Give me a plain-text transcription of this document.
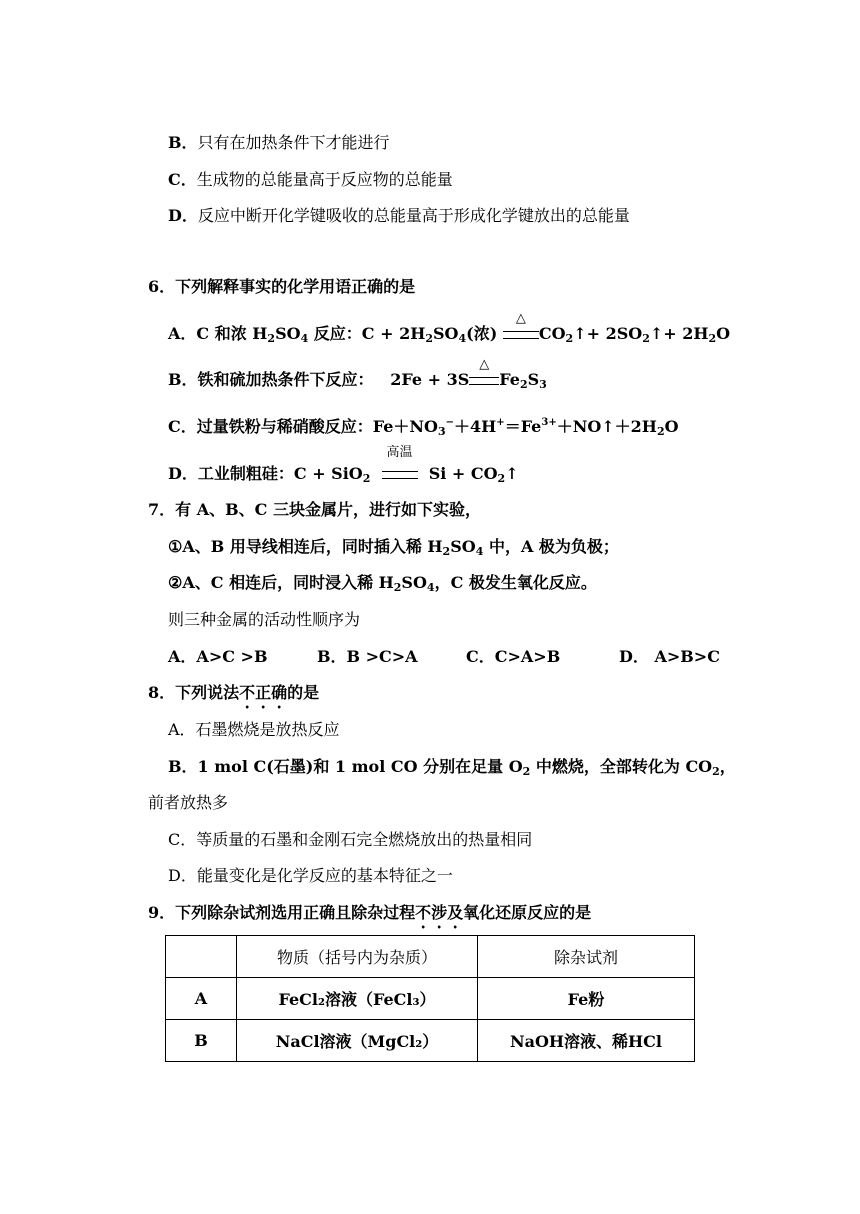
B．只有在加热条件下才能进行
C．生成物的总能量高于反应物的总能量
D．反应中断开化学键吸收的总能量高于形成化学键放出的总能量
6．下列解释事实的化学用语正确的是
A．C 和浓 $H_2SO_4$ 反应：$C + 2H_2SO_4$(浓)
△
$CO_2↑+$ $2SO_2↑+ 2H_2O$
B．铁和硫加热条件下反应：   2Fe + 3S
△
$Fe_2S_3$
C．过量铁粉与稀硝酸反应：$Fe+NO_3^-+4H^+=Fe^{3+}+NO↑+2H_2O$
D．工业制粗硅：C + SiO$_2$
高温
$Si + CO_2↑$
7．有 A、B、C 三块金属片，进行如下实验，
①A、B 用导线相连后，同时插入稀 $H_2SO_4$ 中，A 极为负极；
②A、C 相连后，同时浸入稀 $H_2SO_4$，C 极发生氧化反应。
则三种金属的活动性顺序为
A．A>C >B	B．B >C>A	C．C>A>B	D． A>B>C
8．下列说法不正确的是
A．石墨燃烧是放热反应
B．1 mol C(石墨)和 1 mol CO 分别在足量 $O_2$ 中燃烧，全部转化为 $CO_2$，
前者放热多
C．等质量的石墨和金刚石完全燃烧放出的热量相同
D．能量变化是化学反应的基本特征之一
9．下列除杂试剂选用正确且除杂过程不涉及氧化还原反应的是
	物质（括号内为杂质）	除杂试剂
A	FeCl₂溶液（FeCl₃）	Fe粉
B	NaCl溶液（MgCl₂）	NaOH溶液、稀HCl
